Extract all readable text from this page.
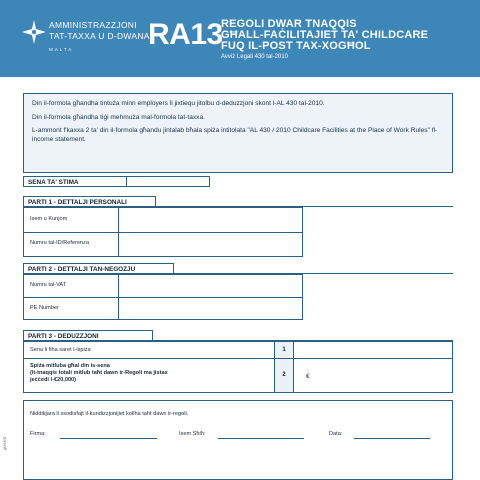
AMMINISTRAZZJONI
TAT-TAXXA U D-DWANA
MALTA RA13
REGOLI DWAR TNAQQIS
GĦALL-FAĊILITAJIET TA' CHILDCARE
FUQ IL-POST TAX-XOGĦOL
Avviż Legali 430 tal-2010

Din il-formola għandha tintuża minn employers li jixtiequ jitolbu d-deduzzjoni skont l-AL 430 tal-2010.

Din il-formola għandha tiġi mehmuża mal-formola tat-taxxa.

L-ammont f'kaxxa 2 ta' din il-formola għandu jintalab bħala spiża intitolata "AL 430 / 2010 Childcare Facilities at the Place of Work Rules" fl-income statement.

SENA TA' STIMA
PARTI 1 - DETTALJI PERSONALI
Isem u Kunjom
Numru tal-ID/Referenza
PARTI 2 - DETTALJI TAN-NEGOZJU
Numru tal-VAT
PE Number
PARTI 3 - DEDUZZJONI
Sena li fiha saret l-ispiża	1
Spiża mitluba għal din is-sena
(it-tnaqqis totali mitlub taħt dawn ir-Regoli ma jistax
jeċċedi l-€20,000)
2	€
Niddikjara li ssodisfajt il-kundizzjonijiet kollha taħt dawn ir-regoli.
Firma:	Isem Sħiħ:	Data:
gov.mt
